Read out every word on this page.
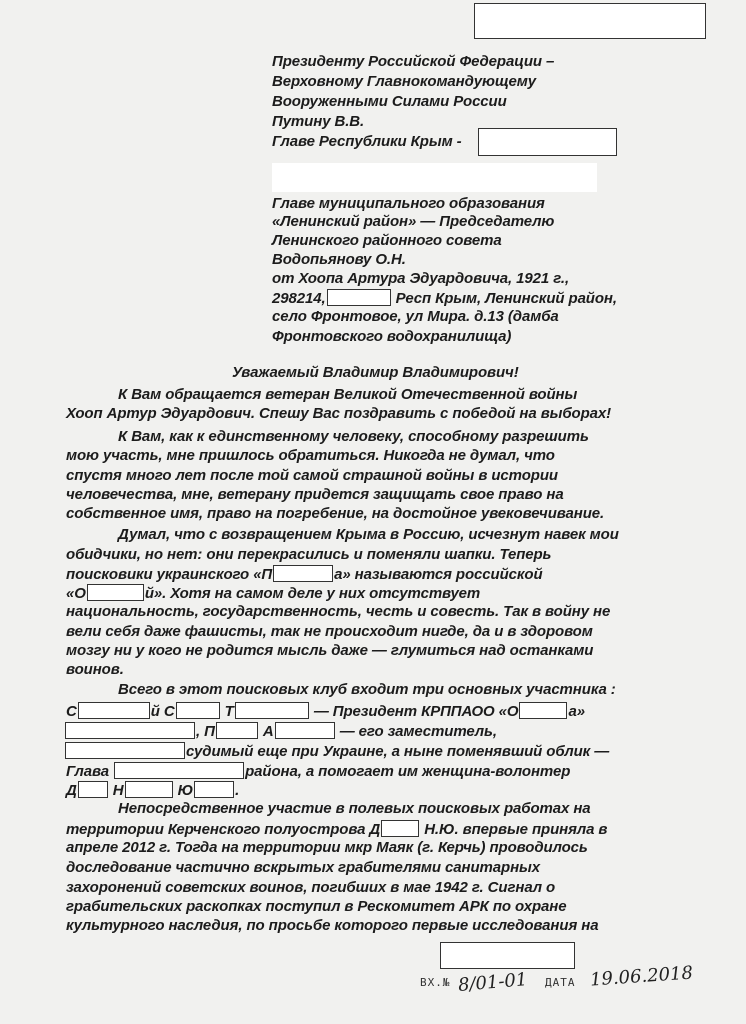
Президенту Российской Федерации –
Верховному Главнокомандующему
Вооруженными Силами России
Путину В.В.
Главе Республики Крым -
Главе муниципального образования
«Ленинский район» — Председателю
Ленинского районного совета
Водопьянову О.Н.
от Хоопа Артура Эдуардовича, 1921 г.,
298214,	Респ Крым, Ленинский район,
село Фронтовое, ул Мира. д.13 (дамба
Фронтовского водохранилища)
Уважаемый Владимир Владимирович!
К Вам обращается ветеран Великой Отечественной войны
Хооп Артур Эдуардович. Спешу Вас поздравить с победой на выборах!
К Вам, как к единственному человеку, способному разрешить
мою участь, мне пришлось обратиться. Никогда не думал, что
спустя много лет после той самой страшной войны в истории
человечества, мне, ветерану придется защищать свое право на
собственное имя, право на погребение, на достойное увековечивание.
Думал, что с возвращением Крыма в Россию, исчезнут навек мои
обидчики, но нет: они перекрасились и поменяли шапки. Теперь
поисковики украинского «П	а» называются российской
«О	й». Хотя на самом деле у них отсутствует
национальность, государственность, честь и совесть. Так в войну не
вели себя даже фашисты, так не происходит нигде, да и в здоровом
мозгу ни у кого не родится мысль даже — глумиться над останками
воинов.
Всего в этот поисковых клуб входит три основных участника :
С	й С	Т	— Президент КРППАОО «О	а»
, П	А	— его заместитель,
судимый еще при Украине, а ныне поменявший облик —
Глава	района, а помогает им женщина-волонтер
Д Н	Ю	.
Непосредственное участие в полевых поисковых работах на
территории Керченского полуострова Д	Н.Ю. впервые приняла в
апреле 2012 г. Тогда на территории мкр Маяк (г. Керчь) проводилось
доследование частично вскрытых грабителями санитарных
захоронений советских воинов, погибших в мае 1942 г. Сигнал о
грабительских раскопках поступил в Рескомитет АРК по охране
культурного наследия, по просьбе которого первые исследования на
ВХ.№ 8/01-01 ДАТА 19.06.2018
